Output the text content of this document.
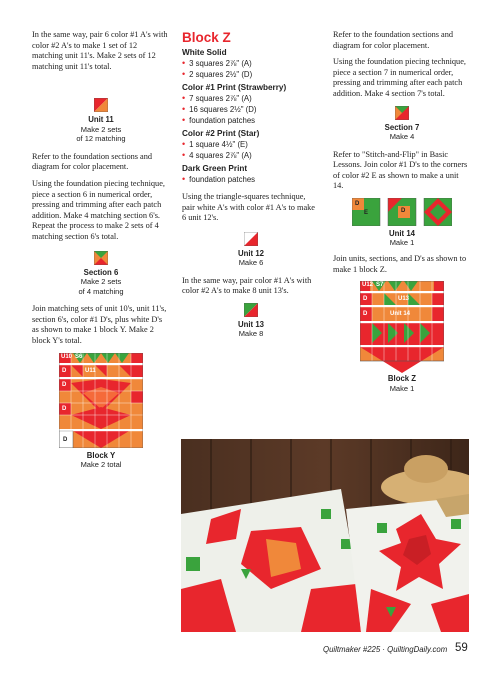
In the same way, pair 6 color #1 A's with color #2 A's to make 1 set of 12 matching unit 11's. Make 2 sets of 12 matching unit 11's total.

Unit 11
Make 2 sets
of 12 matching

Refer to the foundation sections and diagram for color placement.

Using the foundation piecing technique, piece a section 6 in numerical order, pressing and trimming after each patch addition. Make 4 matching section 6's. Repeat the process to make 2 sets of 4 matching section 6's total.

Section 6
Make 2 sets
of 4 matching

Join matching sets of unit 10's, unit 11's, section 6's, color #1 D's, plus white D's as shown to make 1 block Y. Make 2 block Y's total.

U10 S6
D	U11
D
D
D
Block Y
Make 2 total
Block Z
White Solid
• 3 squares 2⅞" (A)
• 2 squares 2½" (D)
Color #1 Print (Strawberry)
• 7 squares 2⅞" (A)
• 16 squares 2½" (D)
• foundation patches
Color #2 Print (Star)
• 1 square 4½" (E)
• 4 squares 2⅞" (A)
Dark Green Print
• foundation patches

Using the triangle-squares technique, pair white A's with color #1 A's to make 6 unit 12's.

Unit 12
Make 6

In the same way, pair color #1 A's with color #2 A's to make 8 unit 13's.

Unit 13
Make 8

Refer to the foundation sections and diagram for color placement.

Using the foundation piecing technique, piece a section 7 in numerical order, pressing and trimming after each patch addition. Make 4 section 7's total.

Section 7
Make 4

Refer to "Stitch-and-Flip" in Basic Lessons. Join color #1 D's to the corners of color #2 E as shown to make a unit 14.

D
E	D
Unit 14
Make 1

Join units, sections, and D's as shown to make 1 block Z.

U12 S7
D	U13
D	Unit 14
Block Z
Make 1
Quiltmaker #225 · QuiltingDaily.com 59
